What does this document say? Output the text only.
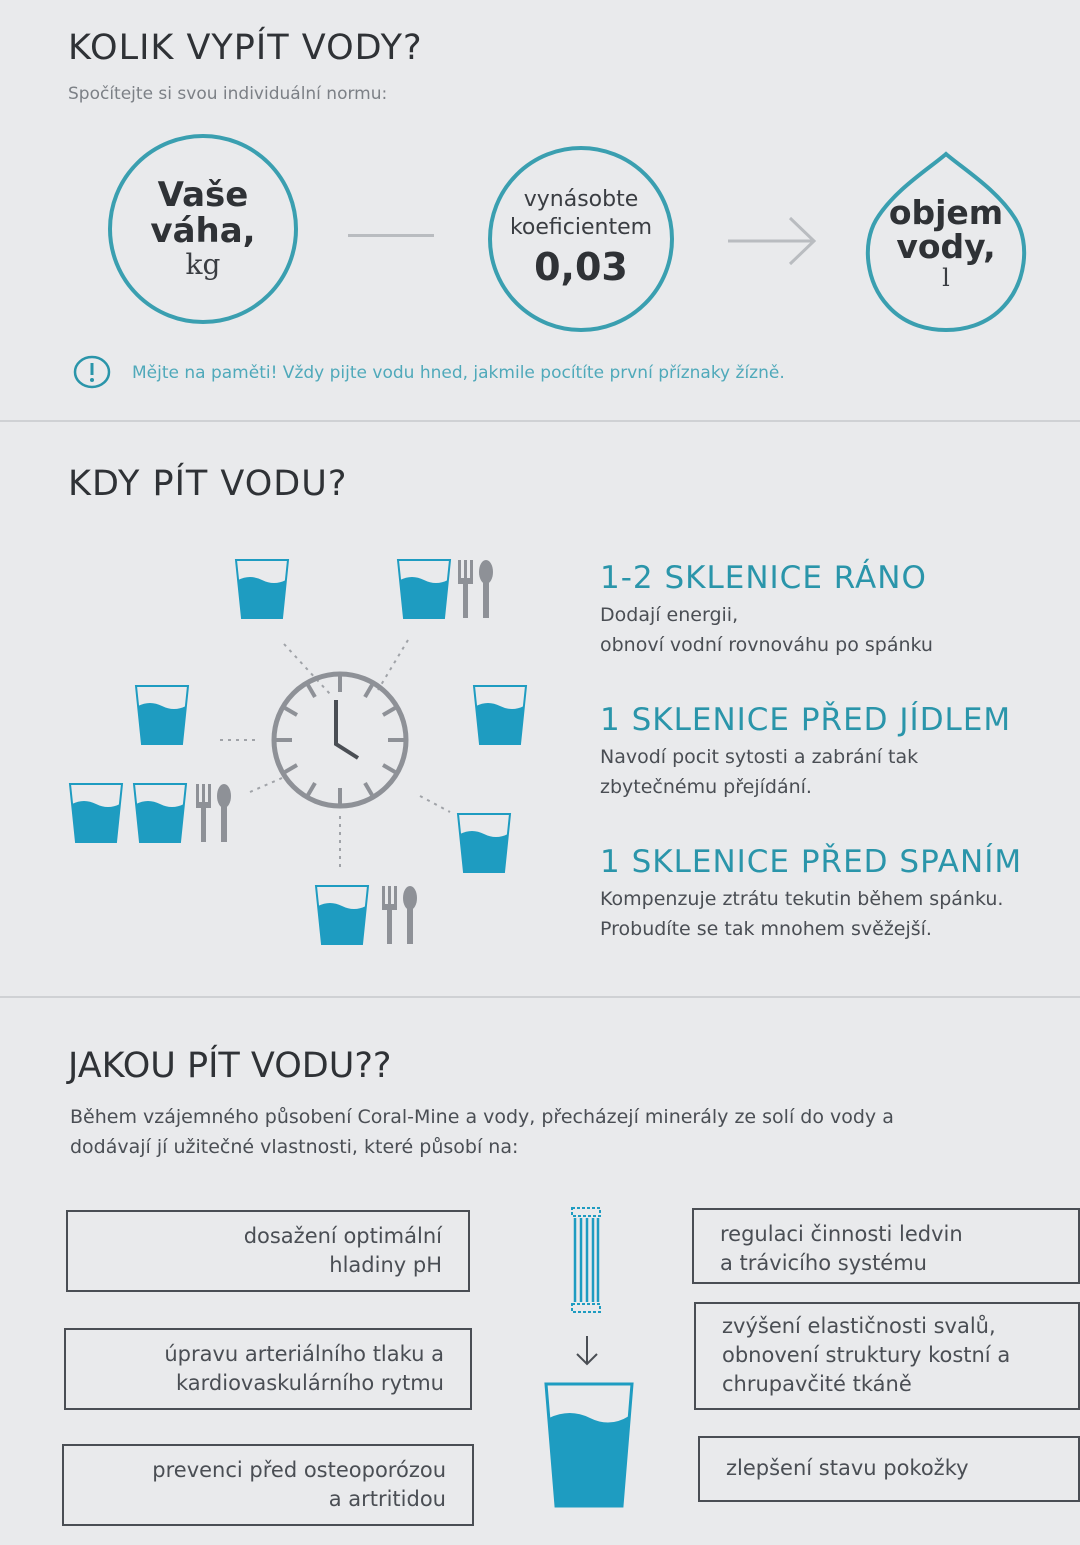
KOLIK VYPÍT VODY?
Spočítejte si svou individuální normu:
Vaše
váha,
kg
vynásobte
koeficientem
0,03
objem
vody,
l
Mějte na paměti! Vždy pijte vodu hned, jakmile pocítíte první příznaky žízně.
KDY PÍT VODU?
1-2 SKLENICE RÁNO
Dodají energii,
obnoví vodní rovnováhu po spánku
1 SKLENICE PŘED JÍDLEM
Navodí pocit sytosti a zabrání tak
zbytečnému přejídání.
1 SKLENICE PŘED SPANÍM
Kompenzuje ztrátu tekutin během spánku.
Probudíte se tak mnohem svěžejší.
JAKOU PÍT VODU??
Během vzájemného působení Coral-Mine a vody, přecházejí minerály ze solí do vody a
dodávají jí užitečné vlastnosti, které působí na:
dosažení optimální
hladiny pH
úpravu arteriálního tlaku a
kardiovaskulárního rytmu
prevenci před osteoporózou
a artritidou
regulaci činnosti ledvin
a trávicího systému
zvýšení elastičnosti svalů,
obnovení struktury kostní a
chrupavčité tkáně
zlepšení stavu pokožky
